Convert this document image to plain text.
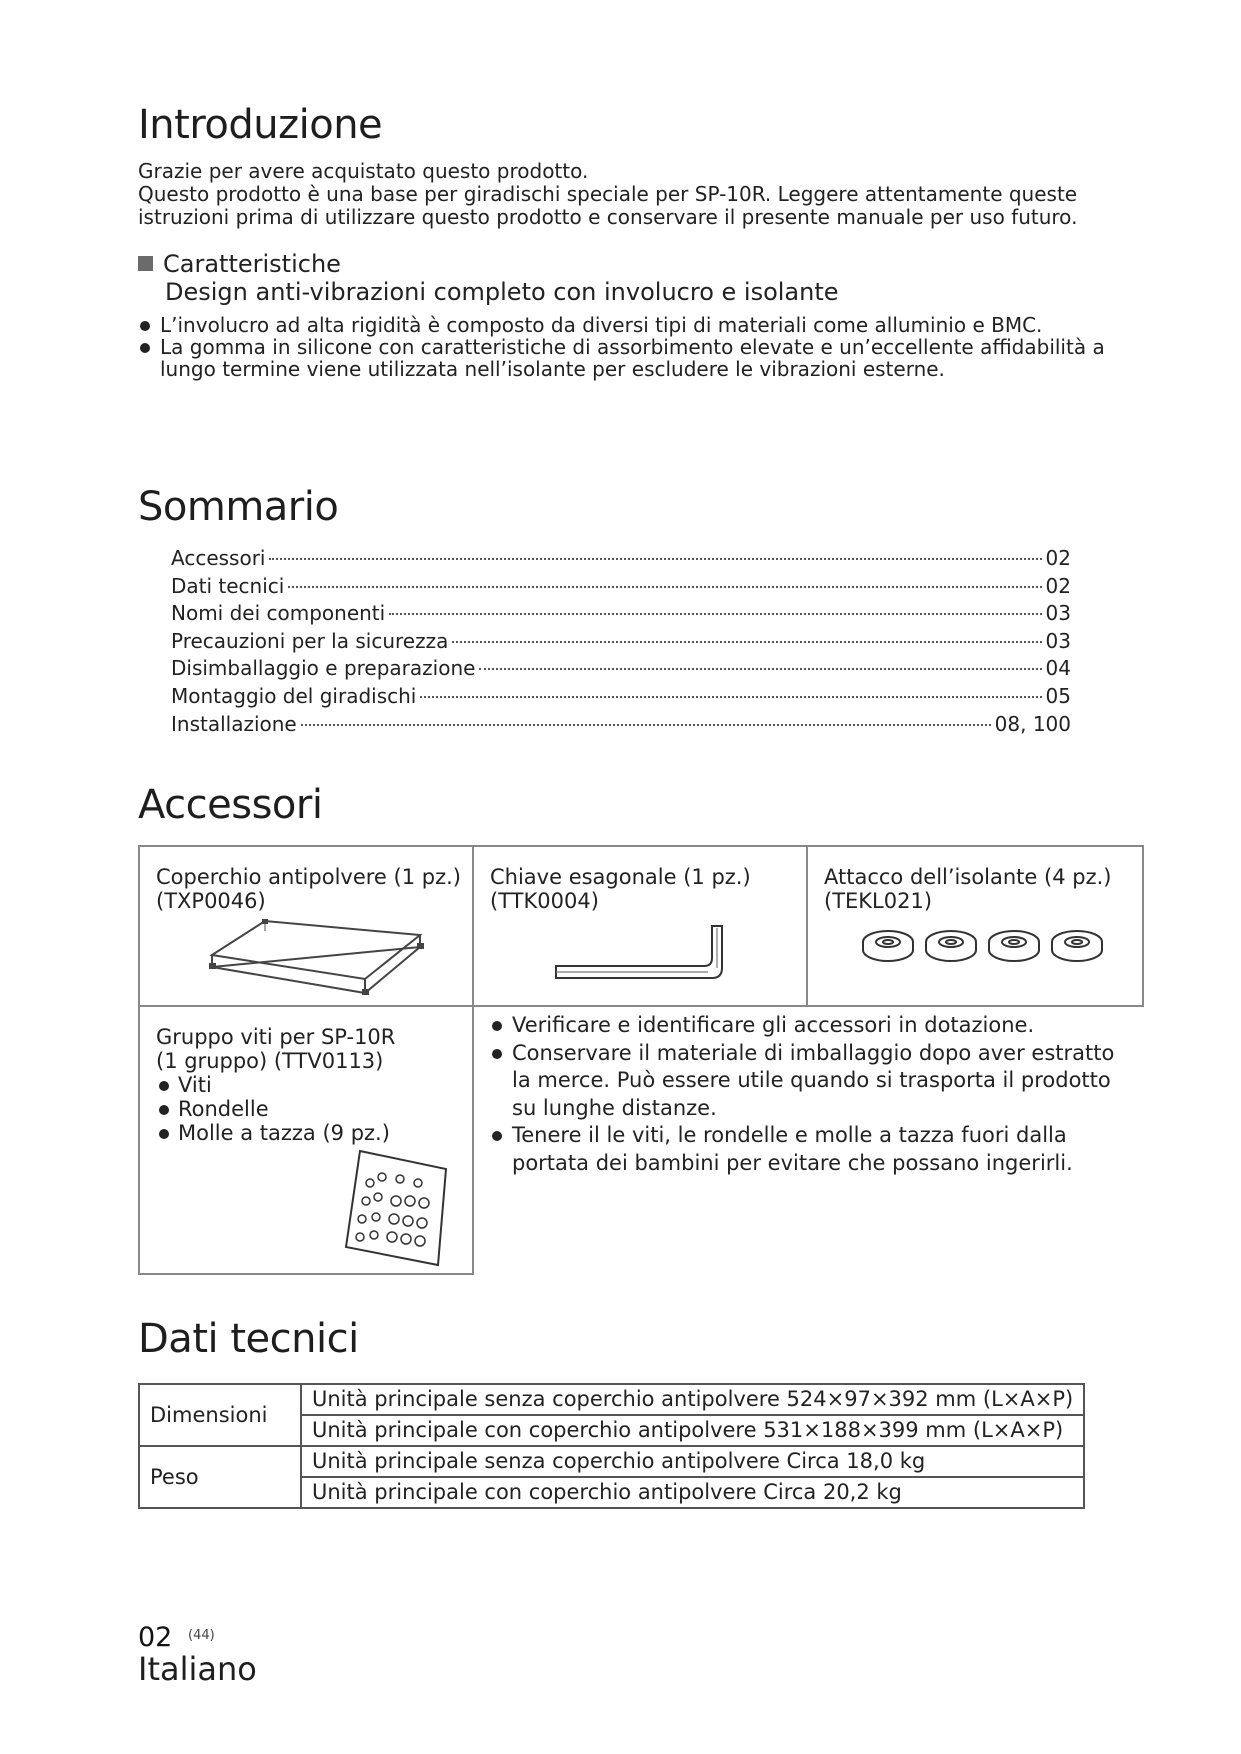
Introduzione
Grazie per avere acquistato questo prodotto.
Questo prodotto è una base per giradischi speciale per SP-10R. Leggere attentamente queste
istruzioni prima di utilizzare questo prodotto e conservare il presente manuale per uso futuro.
Caratteristiche
Design anti-vibrazioni completo con involucro e isolante
L’involucro ad alta rigidità è composto da diversi tipi di materiali come alluminio e BMC.
La gomma in silicone con caratteristiche di assorbimento elevate e un’eccellente affidabilità a lungo termine viene utilizzata nell’isolante per escludere le vibrazioni esterne.
Sommario
Accessori	02
Dati tecnici	02
Nomi dei componenti	03
Precauzioni per la sicurezza	03
Disimballaggio e preparazione	04
Montaggio del giradischi	05
Installazione	08, 100
Accessori
Coperchio antipolvere (1 pz.)
(TXP0046)
Chiave esagonale (1 pz.)
(TTK0004)
Attacco dell’isolante (4 pz.)
(TEKL021)
Gruppo viti per SP-10R
(1 gruppo) (TTV0113)
Viti
Rondelle
Molle a tazza (9 pz.)
Verificare e identificare gli accessori in dotazione.
Conservare il materiale di imballaggio dopo aver estratto la merce. Può essere utile quando si trasporta il prodotto su lunghe distanze.
Tenere il le viti, le rondelle e molle a tazza fuori dalla portata dei bambini per evitare che possano ingerirli.
Dati tecnici
Dimensioni	Unità principale senza coperchio antipolvere 524×97×392 mm (L×A×P)
	Unità principale con coperchio antipolvere 531×188×399 mm (L×A×P)
Peso	Unità principale senza coperchio antipolvere Circa 18,0 kg
	Unità principale con coperchio antipolvere Circa 20,2 kg
02 (44)
Italiano
